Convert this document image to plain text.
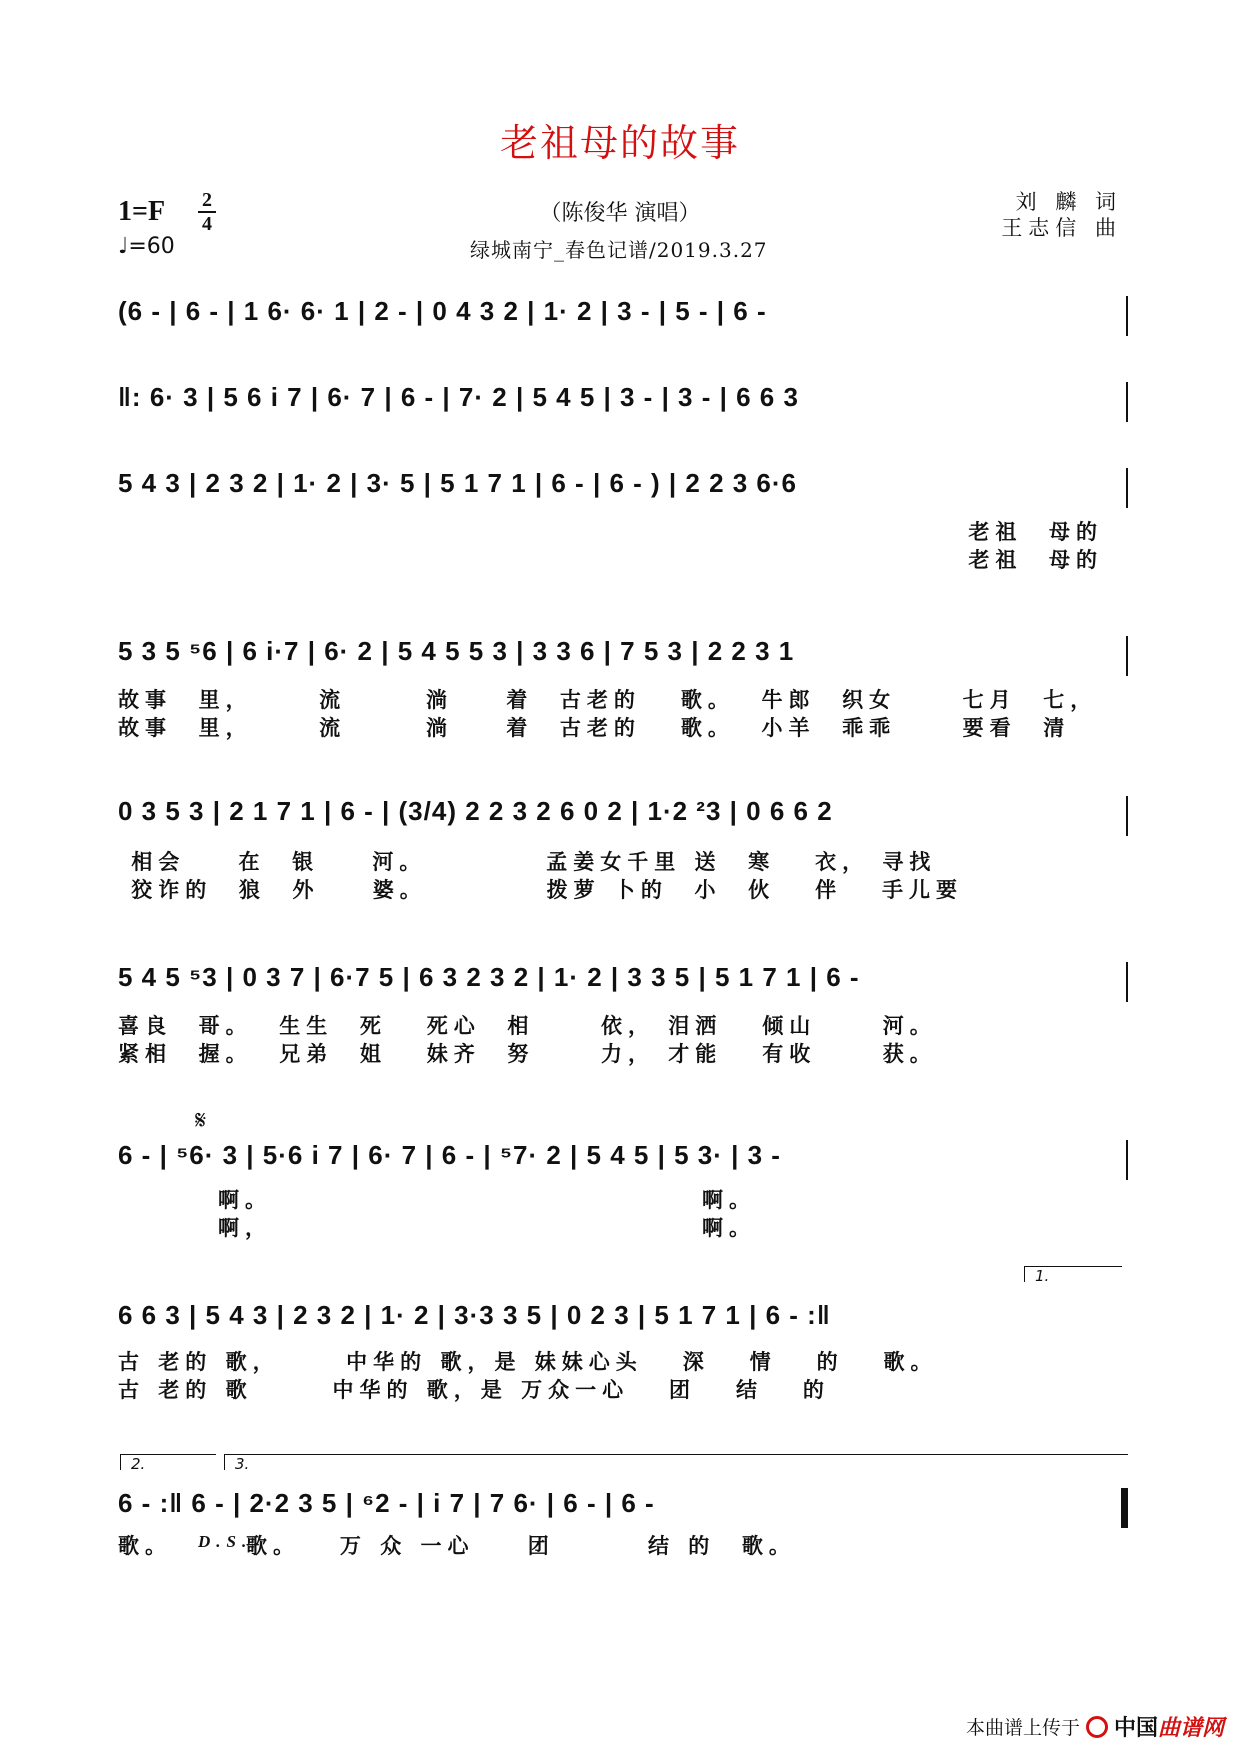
老祖母的故事
1=F 2
4
♩=60
（陈俊华 演唱）
绿城南宁_春色记谱/2019.3.27
刘 麟 词
王志信 曲
(6 - | 6 - | 1 6· 6· 1 | 2 - | 0 4 3 2 | 1· 2 | 3 - | 5 - | 6 -
‖: 6· 3 | 5 6 i 7 | 6· 7 | 6 - | 7· 2 | 5 4 5 | 3 - | 3 - | 6 6 3
5 4 3 | 2 3 2 | 1· 2 | 3· 5 | 5 1 7 1 | 6 - | 6 - ) | 2 2 3 6·6
老祖  母的
老祖  母的
5 3 5 ⁵6 | 6 i·7 | 6· 2 | 5 4 5 5 3 | 3 3 6 | 7 5 3 | 2 2 3 1
故事  里，     流      淌    着  古老的   歌。  牛郎  织女     七月  七，
故事  里，     流      淌    着  古老的   歌。  小羊  乖乖     要看  清
0 3 5 3 | 2 1 7 1 | 6 - | (3/4) 2 2 3 2 6 0 2 | 1·2 ²3 | 0 6 6 2
相会    在  银    河。         孟姜女千里 送  寒   衣， 寻找
狡诈的  狼  外    婆。         拨萝 卜的  小  伙   伴   手儿要
5 4 5 ⁵3 | 0 3 7 | 6·7 5 | 6 3 2 3 2 | 1· 2 | 3 3 5 | 5 1 7 1 | 6 -
喜良  哥。  生生  死   死心  相     依， 泪洒   倾山     河。
紧相  握。  兄弟  姐   妹齐  努     力， 才能   有收     获。
𝄋
6 - | ⁵6· 3 | 5·6 i 7 | 6· 7 | 6 - | ⁵7· 2 | 5 4 5 | 5 3· | 3 -
啊。	啊。
啊，	啊。
1.
6 6 3 | 5 4 3 | 2 3 2 | 1· 2 | 3·3 3 5 | 0 2 3 | 5 1 7 1 | 6 - :‖
古 老的 歌，     中华的 歌，是 妹妹心头   深   情   的   歌。
古 老的 歌      中华的 歌，是 万众一心   团   结   的
2.	3.
6 - :‖ 6 - | 2·2 3 5 | ⁶2 - | i 7 | 7 6· | 6 - | 6 -
歌。	D.S.
歌。   万 众 一心    团       结 的  歌。
本曲谱上传于 中国曲谱网
